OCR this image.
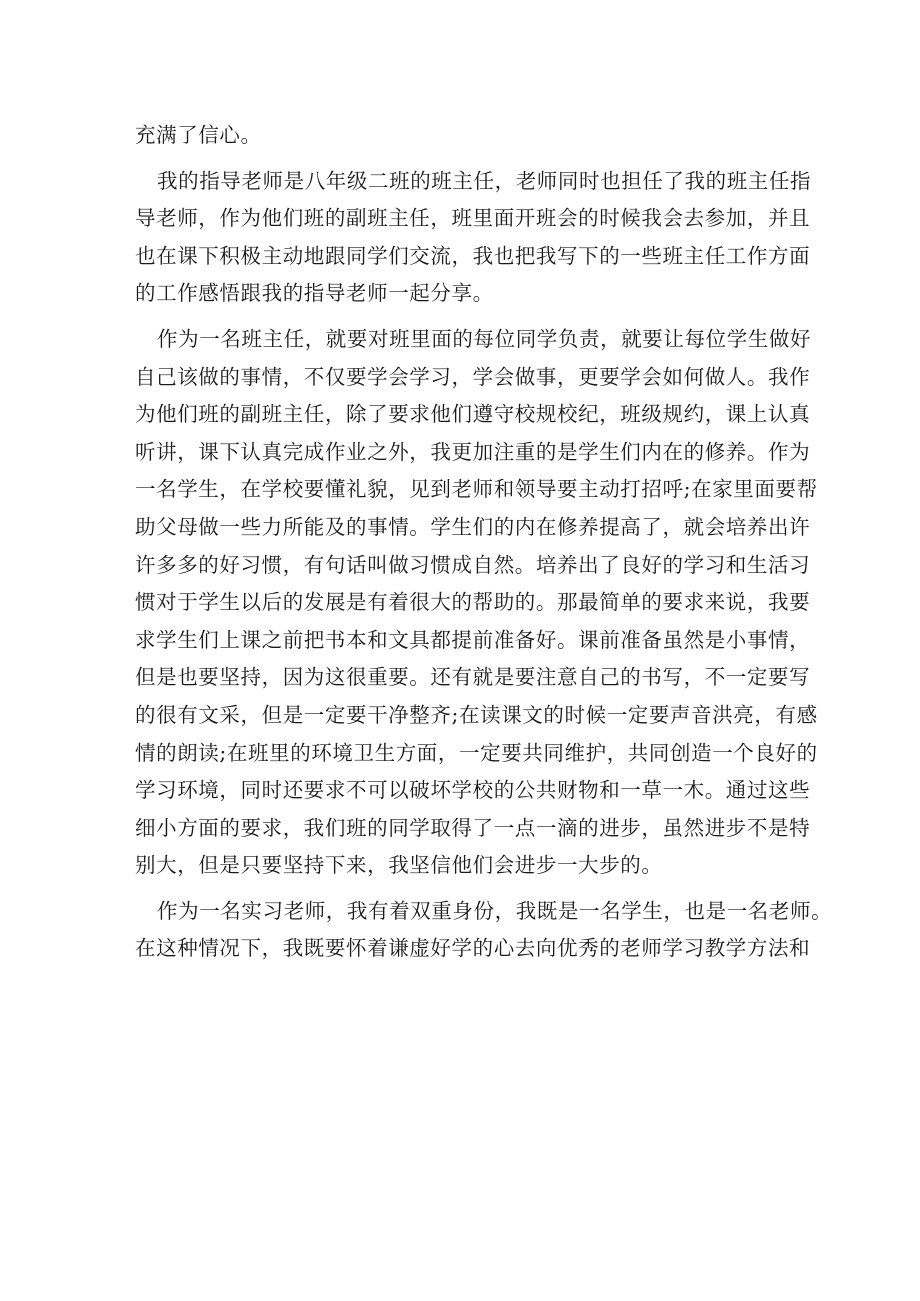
充满了信心。
我的指导老师是八年级二班的班主任，老师同时也担任了我的班主任指
导老师，作为他们班的副班主任，班里面开班会的时候我会去参加，并且
也在课下积极主动地跟同学们交流，我也把我写下的一些班主任工作方面
的工作感悟跟我的指导老师一起分享。
作为一名班主任，就要对班里面的每位同学负责，就要让每位学生做好
自己该做的事情，不仅要学会学习，学会做事，更要学会如何做人。我作
为他们班的副班主任，除了要求他们遵守校规校纪，班级规约，课上认真
听讲，课下认真完成作业之外，我更加注重的是学生们内在的修养。作为
一名学生，在学校要懂礼貌，见到老师和领导要主动打招呼;在家里面要帮
助父母做一些力所能及的事情。学生们的内在修养提高了，就会培养出许
许多多的好习惯，有句话叫做习惯成自然。培养出了良好的学习和生活习
惯对于学生以后的发展是有着很大的帮助的。那最简单的要求来说，我要
求学生们上课之前把书本和文具都提前准备好。课前准备虽然是小事情，
但是也要坚持，因为这很重要。还有就是要注意自己的书写，不一定要写
的很有文采，但是一定要干净整齐;在读课文的时候一定要声音洪亮，有感
情的朗读;在班里的环境卫生方面，一定要共同维护，共同创造一个良好的
学习环境，同时还要求不可以破坏学校的公共财物和一草一木。通过这些
细小方面的要求，我们班的同学取得了一点一滴的进步，虽然进步不是特
别大，但是只要坚持下来，我坚信他们会进步一大步的。
作为一名实习老师，我有着双重身份，我既是一名学生，也是一名老师。
在这种情况下，我既要怀着谦虚好学的心去向优秀的老师学习教学方法和
